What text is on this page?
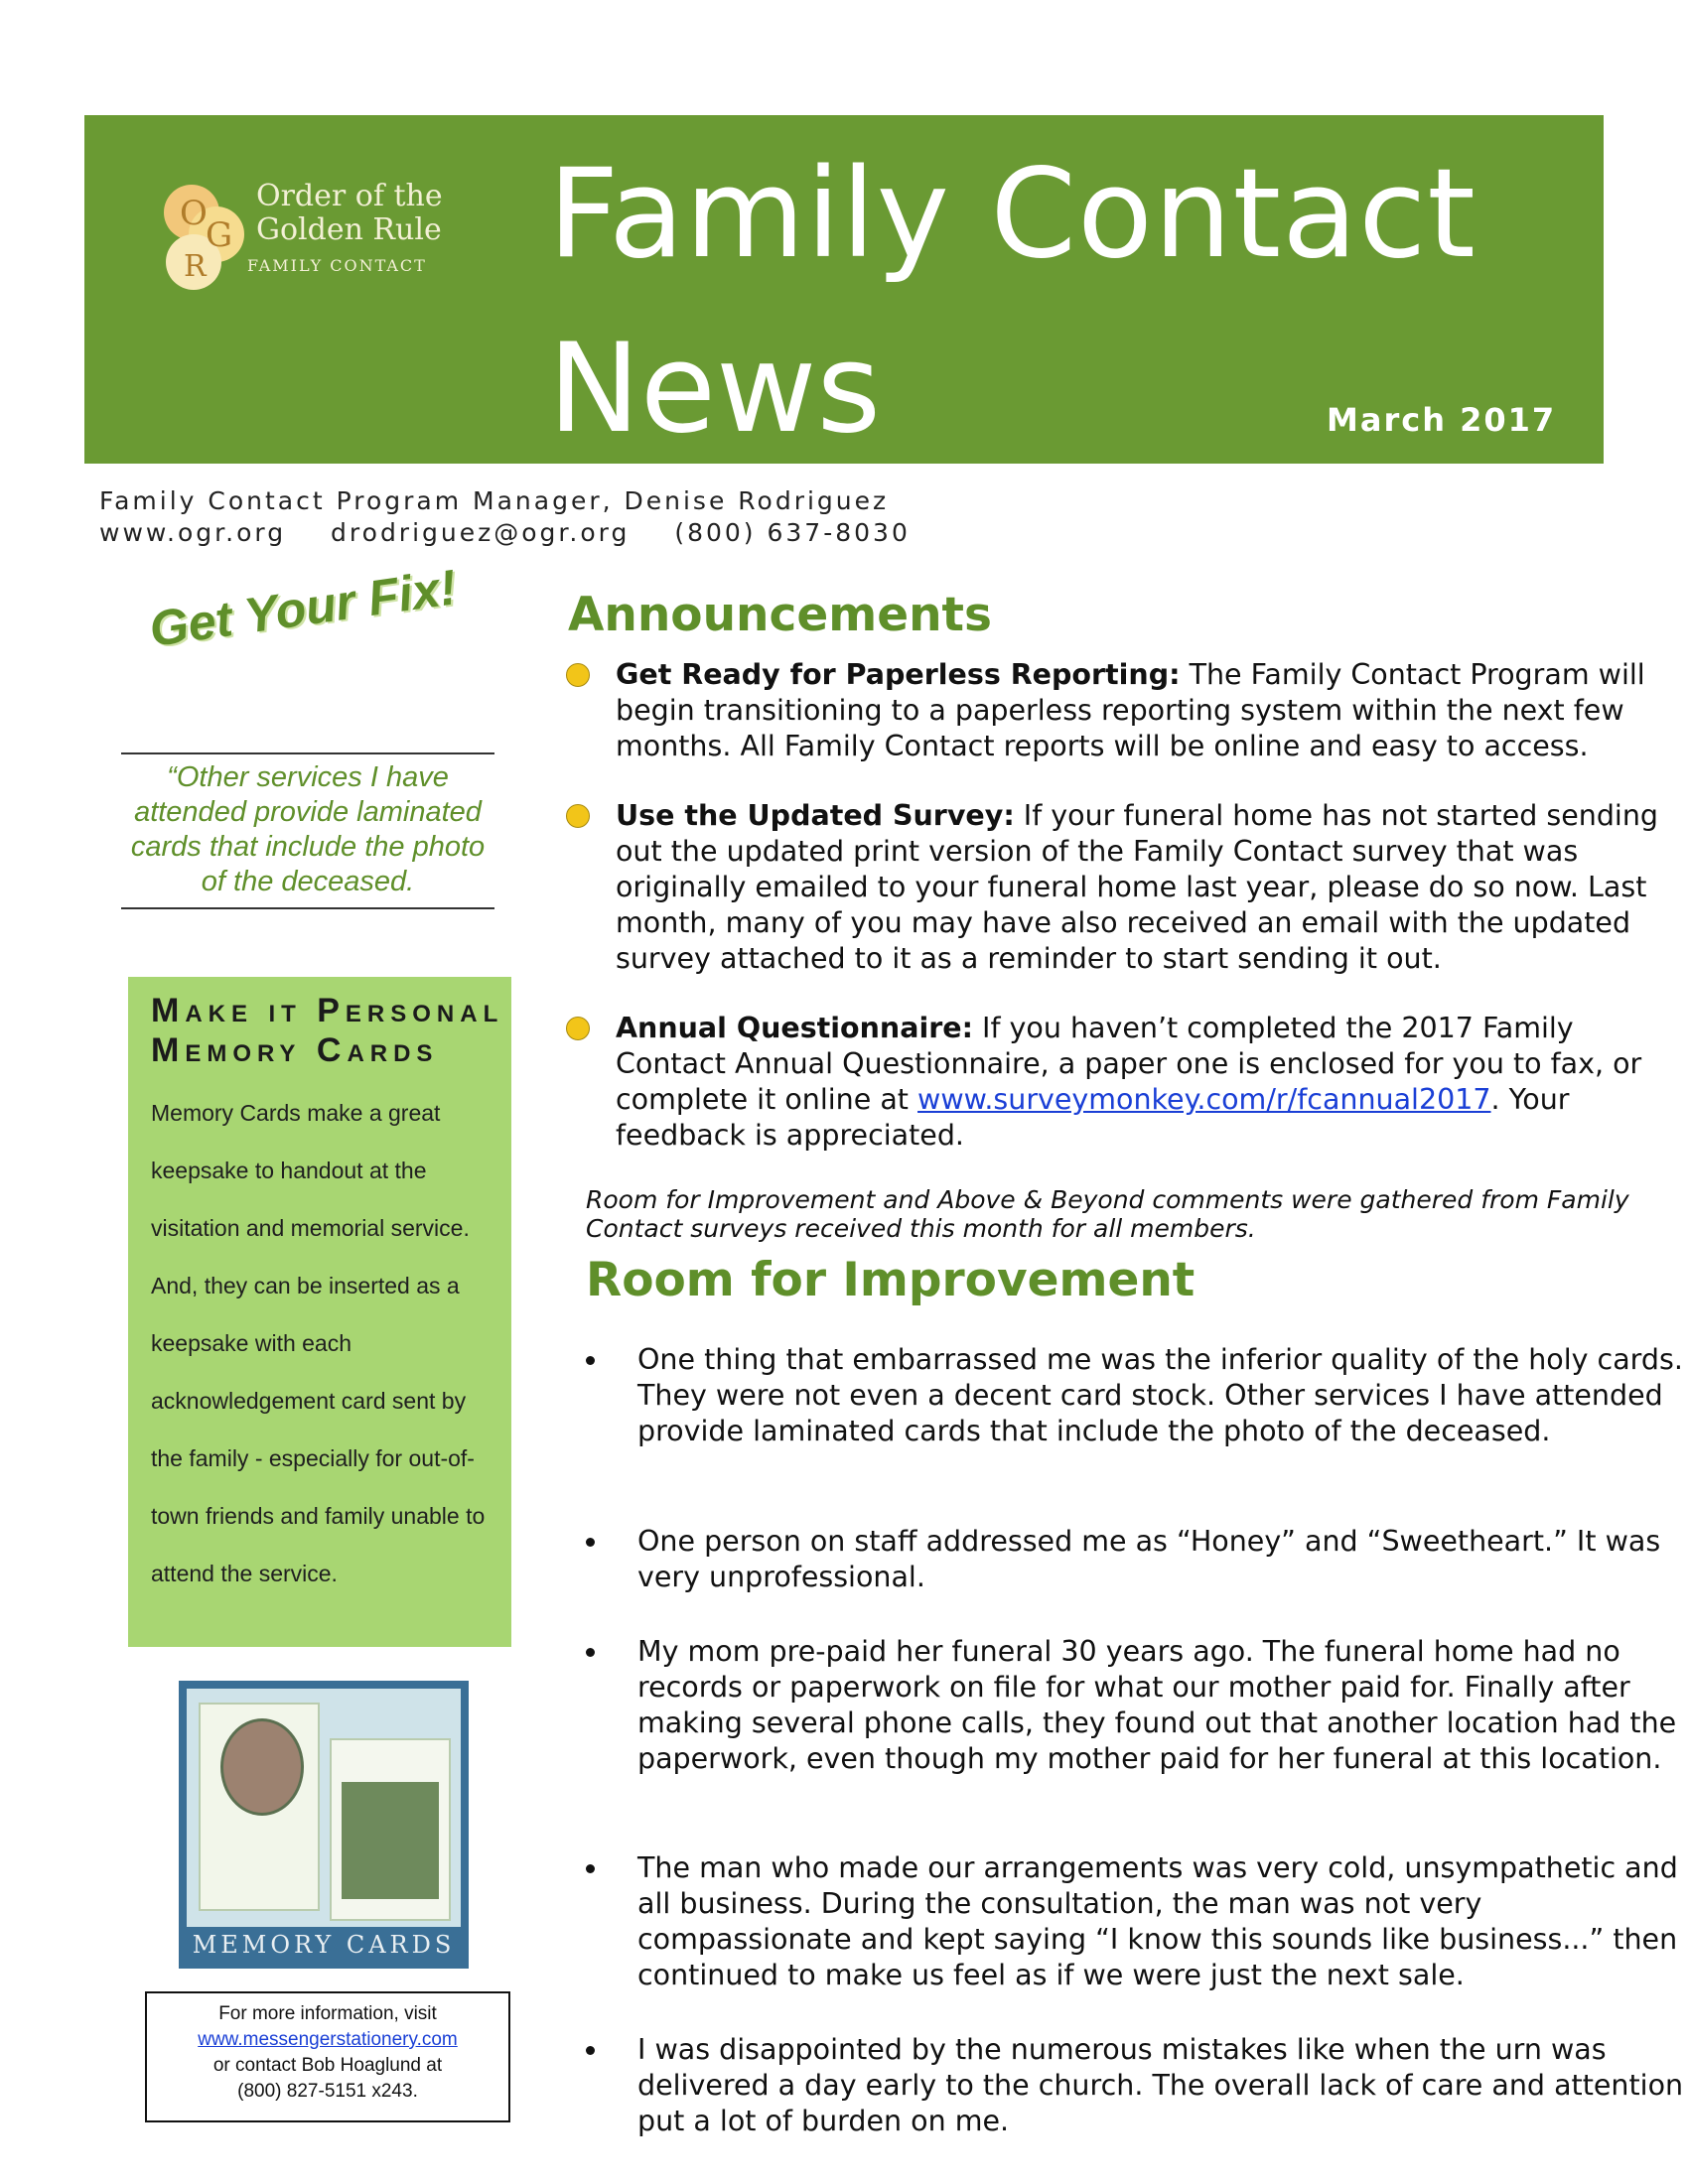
O
G
R
Order of the
Golden Rule
FAMILY CONTACT Family Contact
News	March 2017
Family Contact Program Manager, Denise Rodriguez
www.ogr.org drodriguez@ogr.org (800) 637-8030
Get Your Fix!
“Other services I have attended provide laminated cards that include the photo of the deceased.
Make it Personal
Memory Cards
Memory Cards make a great keepsake to handout at the visitation and memorial service. And, they can be inserted as a keepsake with each acknowledgement card sent by the family - especially for out-of-town friends and family unable to attend the service.
MEMORY CARDS
For more information, visit
www.messengerstationery.com
or contact Bob Hoaglund at
(800) 827-5151 x243.
Announcements
Get Ready for Paperless Reporting: The Family Contact Program will begin transitioning to a paperless reporting system within the next few months. All Family Contact reports will be online and easy to access.
Use the Updated Survey: If your funeral home has not started sending out the updated print version of the Family Contact survey that was originally emailed to your funeral home last year, please do so now. Last month, many of you may have also received an email with the updated survey attached to it as a reminder to start sending it out.
Annual Questionnaire: If you haven’t completed the 2017 Family Contact Annual Questionnaire, a paper one is enclosed for you to fax, or complete it online at www.surveymonkey.com/r/fcannual2017. Your feedback is appreciated.
Room for Improvement and Above & Beyond comments were gathered from Family Contact surveys received this month for all members.
Room for Improvement
One thing that embarrassed me was the inferior quality of the holy cards. They were not even a decent card stock. Other services I have attended provide laminated cards that include the photo of the deceased.
One person on staff addressed me as “Honey” and “Sweetheart.” It was very unprofessional.
My mom pre-paid her funeral 30 years ago. The funeral home had no records or paperwork on file for what our mother paid for. Finally after making several phone calls, they found out that another location had the paperwork, even though my mother paid for her funeral at this location.
The man who made our arrangements was very cold, unsympathetic and all business. During the consultation, the man was not very compassionate and kept saying “I know this sounds like business...” then continued to make us feel as if we were just the next sale.
I was disappointed by the numerous mistakes like when the urn was delivered a day early to the church. The overall lack of care and attention put a lot of burden on me.
